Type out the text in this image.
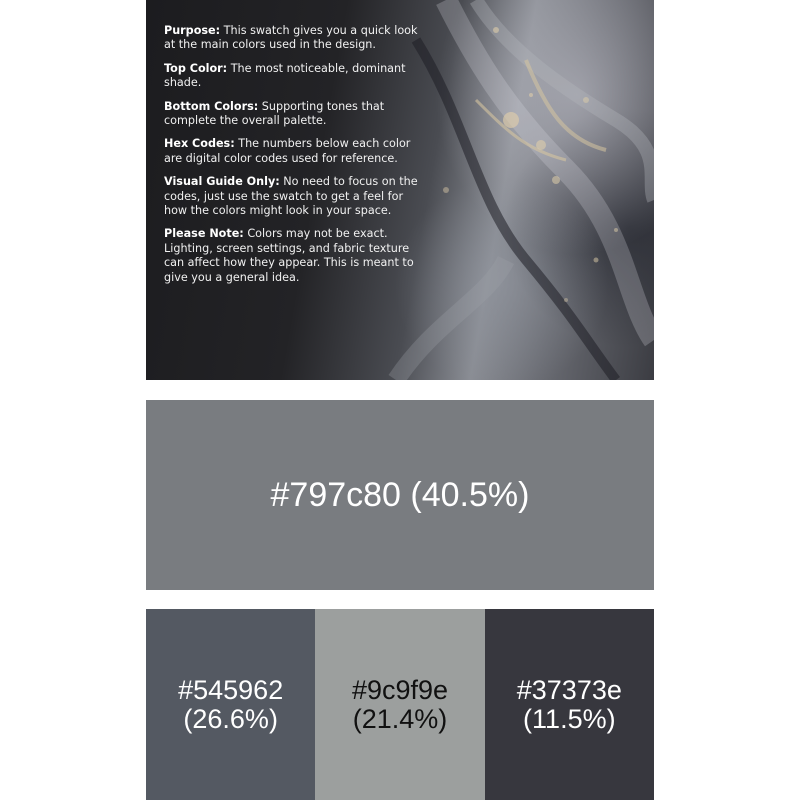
Purpose: This swatch gives you a quick look at the main colors used in the design.

Top Color: The most noticeable, dominant shade.

Bottom Colors: Supporting tones that complete the overall palette.

Hex Codes: The numbers below each color are digital color codes used for reference.

Visual Guide Only: No need to focus on the codes, just use the swatch to get a feel for how the colors might look in your space.

Please Note: Colors may not be exact. Lighting, screen settings, and fabric texture can affect how they appear. This is meant to give you a general idea.

#797c80 (40.5%)
#545962
(26.6%)
#9c9f9e
(21.4%)
#37373e
(11.5%)
